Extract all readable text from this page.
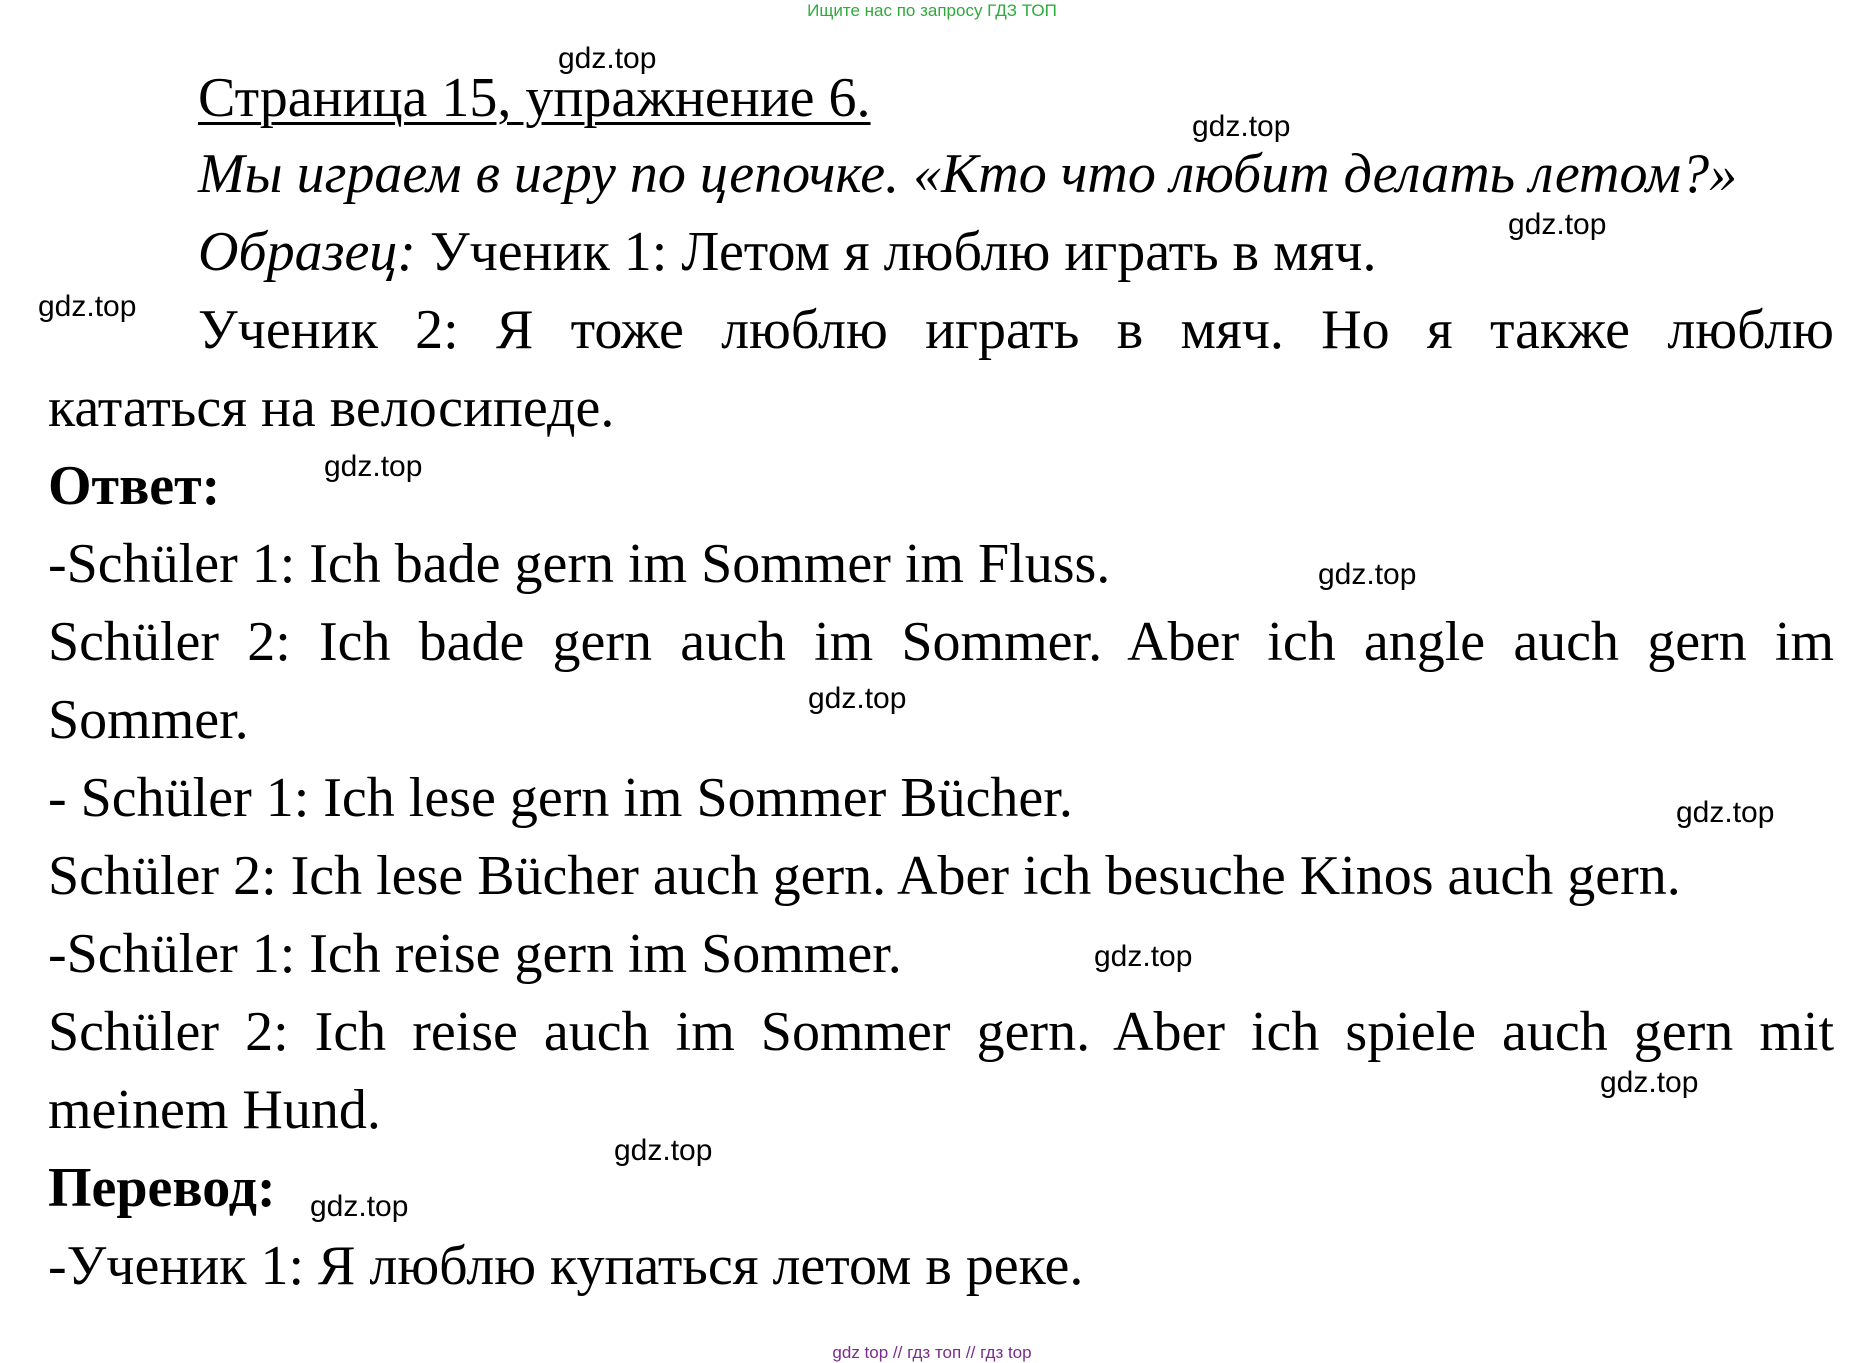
Ищите нас по запросу ГДЗ ТОП
Страница 15, упражнение 6.
Мы играем в игру по цепочке. «Кто что любит делать летом?»
Образец: Ученик 1: Летом я люблю играть в мяч.
Ученик 2: Я тоже люблю играть в мяч. Но я также люблю
кататься на велосипеде.
Ответ:
-Schüler 1: Ich bade gern im Sommer im Fluss.
Schüler 2: Ich bade gern auch im Sommer. Aber ich angle auch gern im
Sommer.
- Schüler 1: Ich lese gern im Sommer Bücher.
Schüler 2: Ich lese Bücher auch gern. Aber ich besuche Kinos auch gern.
-Schüler 1: Ich reise gern im Sommer.
Schüler 2: Ich reise auch im Sommer gern. Aber ich spiele auch gern mit
meinem Hund.
Перевод:
-Ученик 1: Я люблю купаться летом в реке.
gdz.top
gdz.top
gdz.top
gdz.top
gdz.top
gdz.top
gdz.top
gdz.top
gdz.top
gdz.top
gdz.top
gdz.top
gdz top // гдз топ // гдз top
